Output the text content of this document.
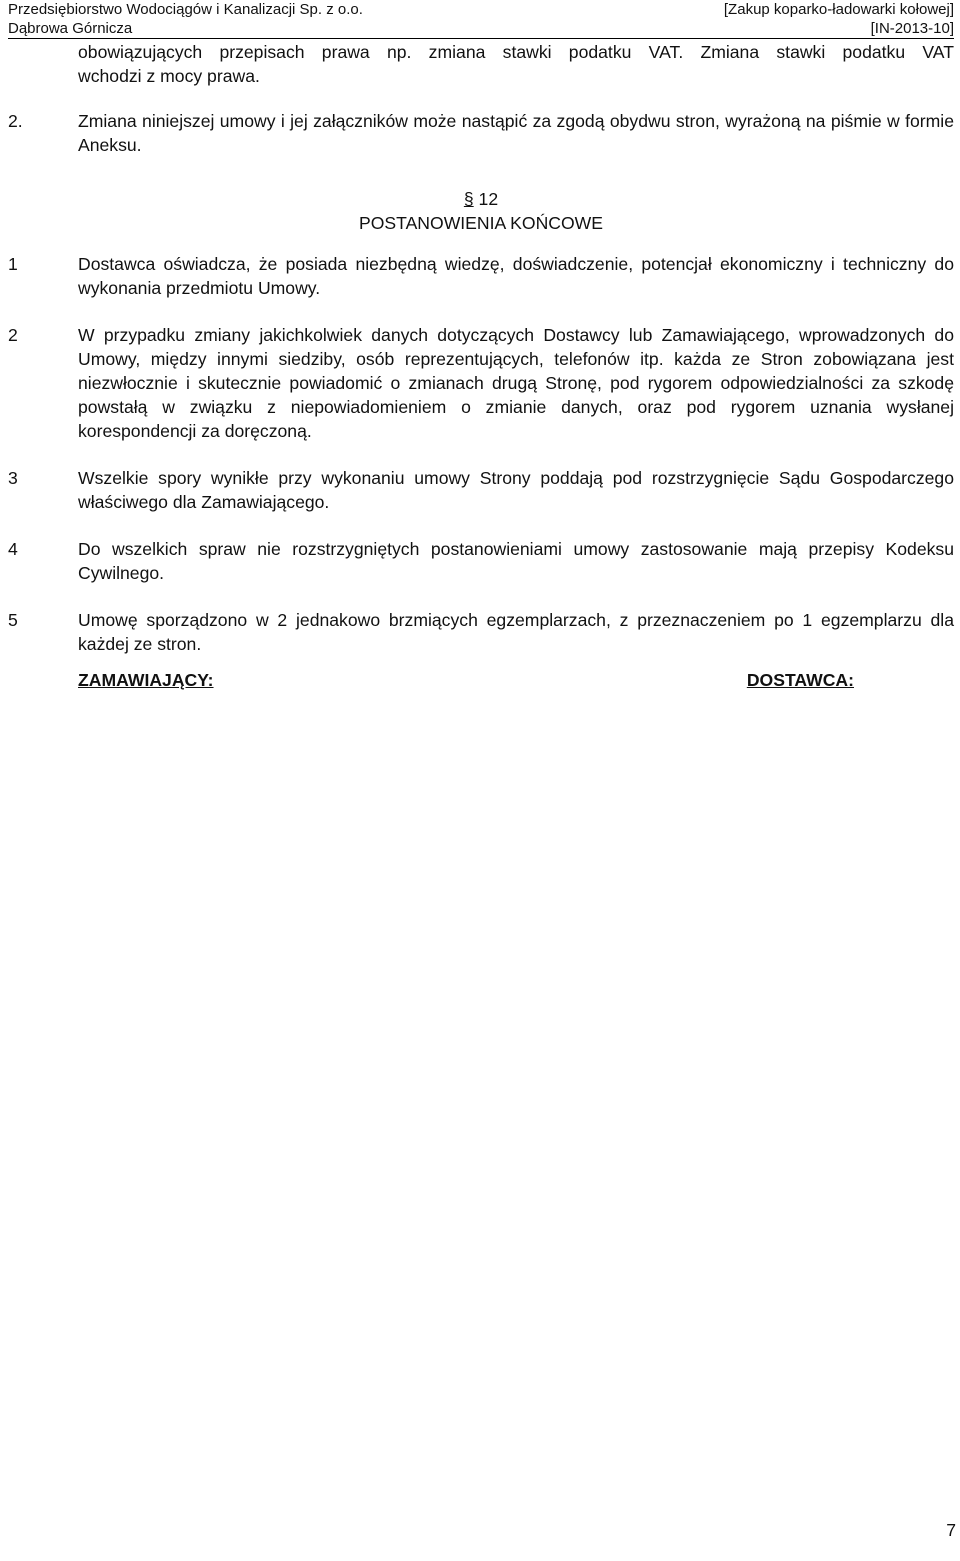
Przedsiębiorstwo Wodociągów i Kanalizacji Sp. z o.o.	[Zakup koparko-ładowarki kołowej]
Dąbrowa Górnicza	[IN-2013-10]

obowiązujących przepisach prawa np. zmiana stawki podatku VAT. Zmiana stawki podatku VAT

wchodzi z mocy prawa.

2.	Zmiana niniejszej umowy i jej załączników może nastąpić za zgodą obydwu stron, wyrażoną na piśmie w formie Aneksu.
§ 12
POSTANOWIENIA KOŃCOWE
1	Dostawca oświadcza, że posiada niezbędną wiedzę, doświadczenie, potencjał ekonomiczny i techniczny do wykonania przedmiotu Umowy.
2	W przypadku zmiany jakichkolwiek danych dotyczących Dostawcy lub Zamawiającego, wprowadzonych do Umowy, między innymi siedziby, osób reprezentujących, telefonów itp. każda ze Stron zobowiązana jest niezwłocznie i skutecznie powiadomić o zmianach drugą Stronę, pod rygorem odpowiedzialności za szkodę powstałą w związku z niepowiadomieniem o zmianie danych, oraz pod rygorem uznania wysłanej korespondencji za doręczoną.
3	Wszelkie spory wynikłe przy wykonaniu umowy Strony poddają pod rozstrzygnięcie Sądu Gospodarczego właściwego dla Zamawiającego.
4	Do wszelkich spraw nie rozstrzygniętych postanowieniami umowy zastosowanie mają przepisy Kodeksu Cywilnego.
5	Umowę sporządzono w 2 jednakowo brzmiących egzemplarzach, z przeznaczeniem po 1 egzemplarzu dla każdej ze stron.
ZAMAWIAJĄCY:	DOSTAWCA:
7
